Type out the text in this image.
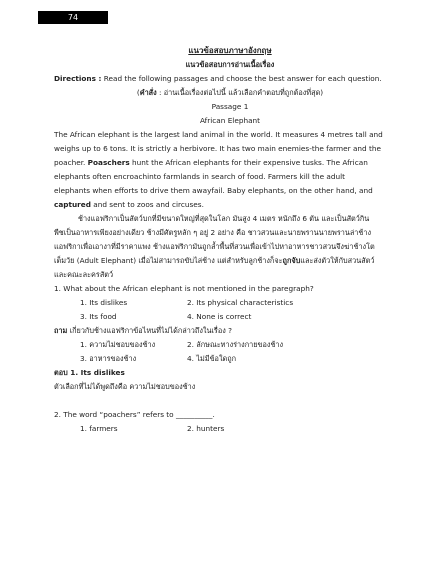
74
แนวข้อสอบภาษาอังกฤษ
แนวข้อสอบการอ่านเนื้อเรื่อง
Directions : Read the following passages and choose the best answer for each question.
(คำสั่ง : อ่านเนื้อเรื่องต่อไปนี้ แล้วเลือกคำตอบที่ถูกต้องที่สุด)
Passage 1
African Elephant
The African elephant is the largest land animal in the world. It measures 4 metres tall and
weighs up to 6 tons. It is strictly a herbivore. It has two main enemies-the farmer and the
poacher. Poaschers hunt the African elephants for their expensive tusks. The African
elephants often encroachinto farmlands in search of food. Farmers kill the adult
elephants when efforts to drive them awayfail. Baby elephants, on the other hand, and
captured and sent to zoos and circuses.
ช้างแอฟริกาเป็นสัตว์บกที่มีขนาดใหญ่ที่สุดในโลก มันสูง 4 เมตร หนักถึง 6 ตัน และเป็นสัตว์กิน
พืชเป็นอาหารเพียงอย่างเดียว ช้างมีศัตรูหลัก ๆ อยู่ 2 อย่าง คือ ชาวสวนและนายพรานนายพรานล่าช้าง
แอฟริกาเพื่อเอางาที่มีราคาแพง ช้างแอฟริกามันถูกล้ำพื้นที่สวนเพื่อเข้าไปหาอาหารชาวสวนจึงฆ่าช้างโต
เต็มวัย (Adult Elephant) เมื่อไม่สามารถขับไล่ช้าง แต่สำหรับลูกช้างก็จะถูกจับและส่งตัวให้กับสวนสัตว์
และคณะละครสัตว์
1. What about the African elephant is not mentioned in the paregraph?
1. Its dislikes	2. Its physical characteristics
3. Its food	4. None is correct
ถาม เกี่ยวกับช้างแอฟริกาข้อไหนที่ไม่ได้กล่าวถึงในเรื่อง ?
1. ความไม่ชอบของช้าง	2. ลักษณะทางร่างกายของช้าง
3. อาหารของช้าง	4. ไม่มีข้อใดถูก
ตอบ 1. Its dislikes
ตัวเลือกที่ไม่ได้พูดถึงคือ ความไม่ชอบของช้าง
2. The word “poachers” refers to __________.
1. farmers	2. hunters
